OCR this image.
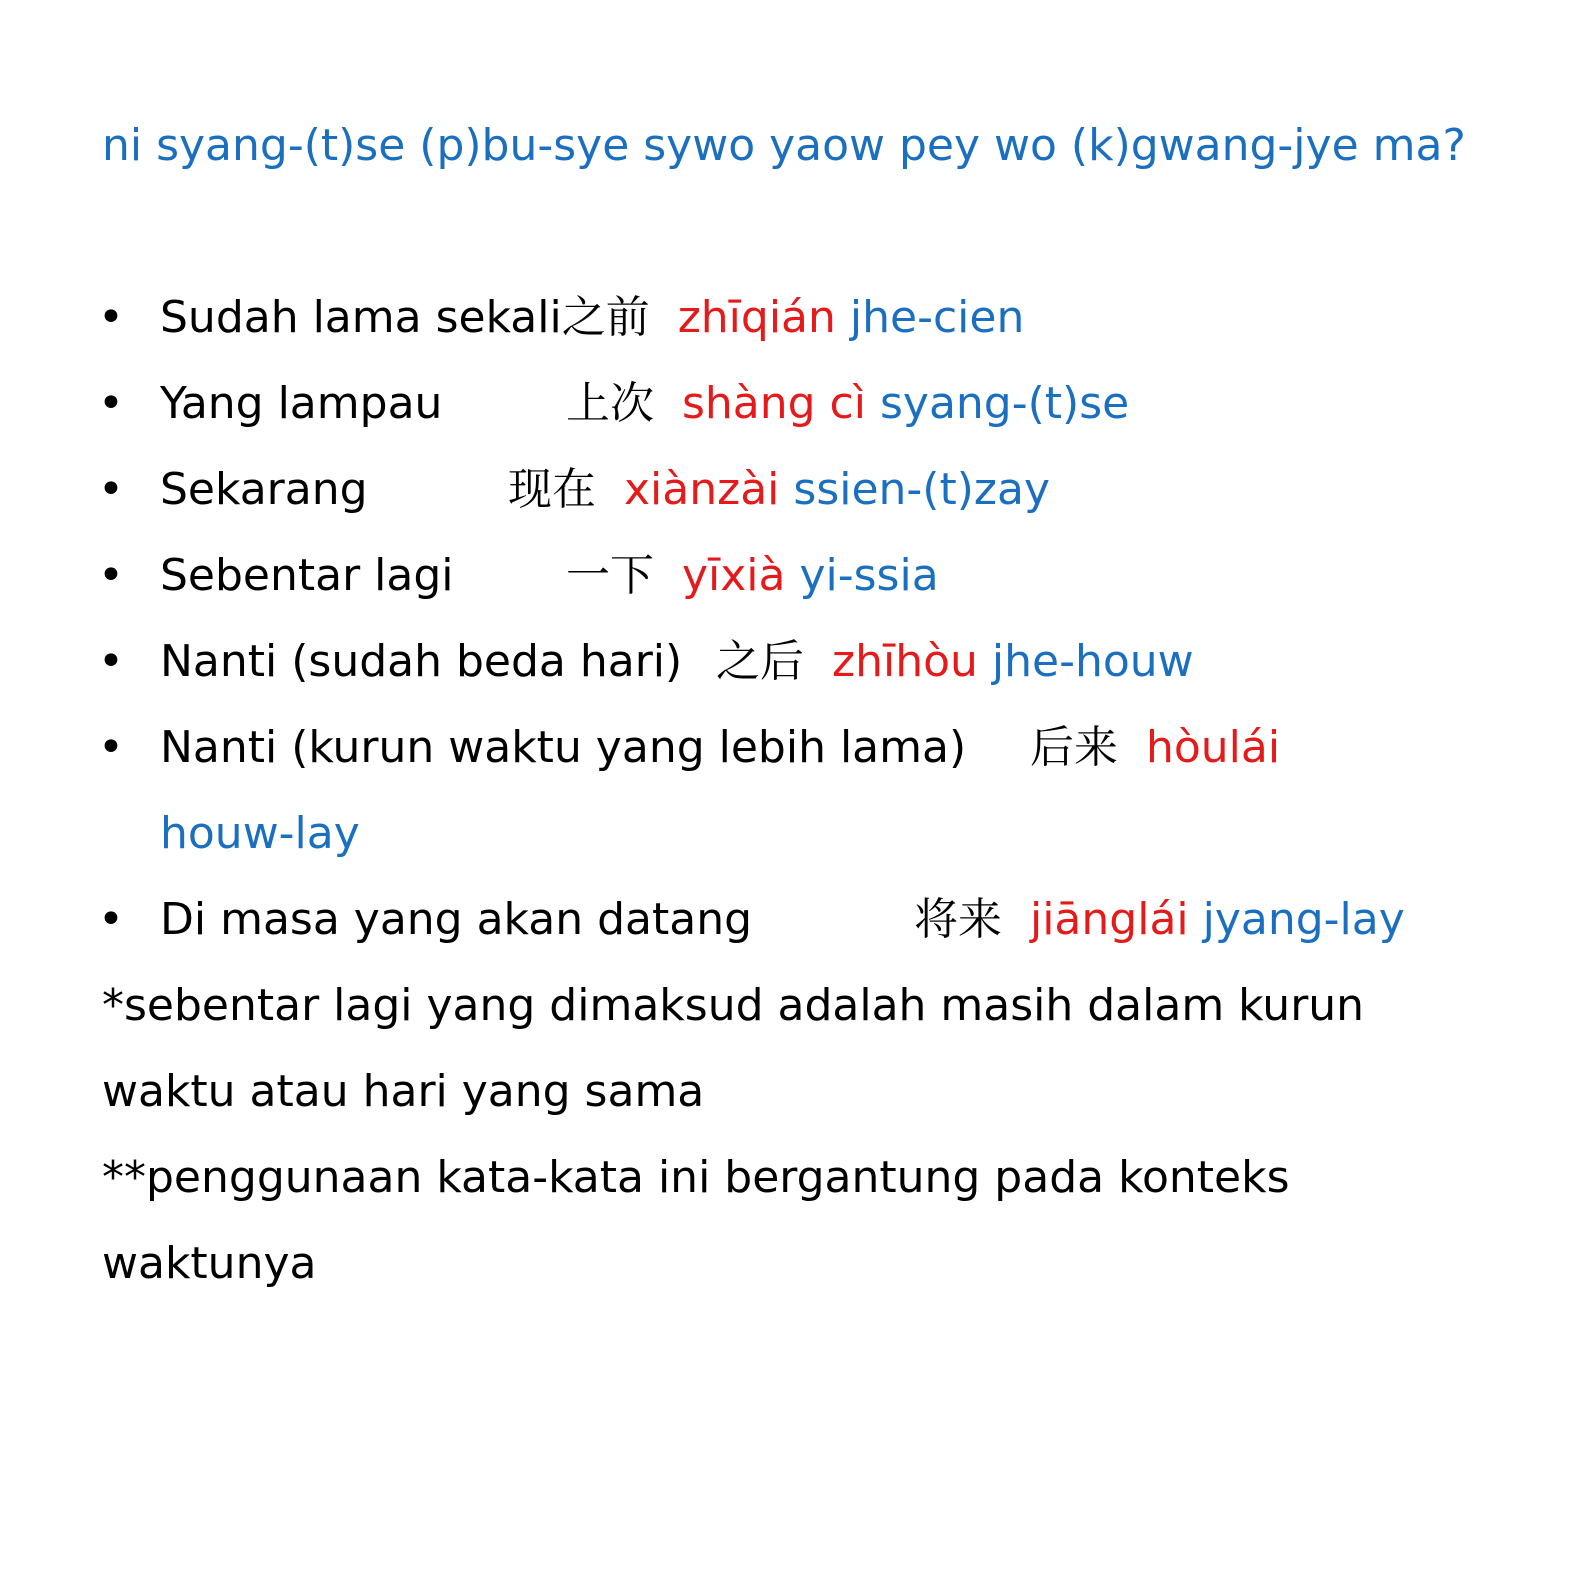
ni syang-(t)se (p)bu-sye sywo yaow pey wo (k)gwang-jye ma?
• Sudah lama sekali之前 zhīqián jhe-cien
• Yang lampau	上次 shàng cì syang-(t)se
• Sekarang	现在 xiànzài ssien-(t)zay
• Sebentar lagi	一下 yīxià yi-ssia
• Nanti (sudah beda hari) 之后 zhīhòu jhe-houw
• Nanti (kurun waktu yang lebih lama) 后来 hòulái
houw-lay
• Di masa yang akan datang	将来 jiānglái jyang-lay
*sebentar lagi yang dimaksud adalah masih dalam kurun
waktu atau hari yang sama
**penggunaan kata-kata ini bergantung pada konteks
waktunya
